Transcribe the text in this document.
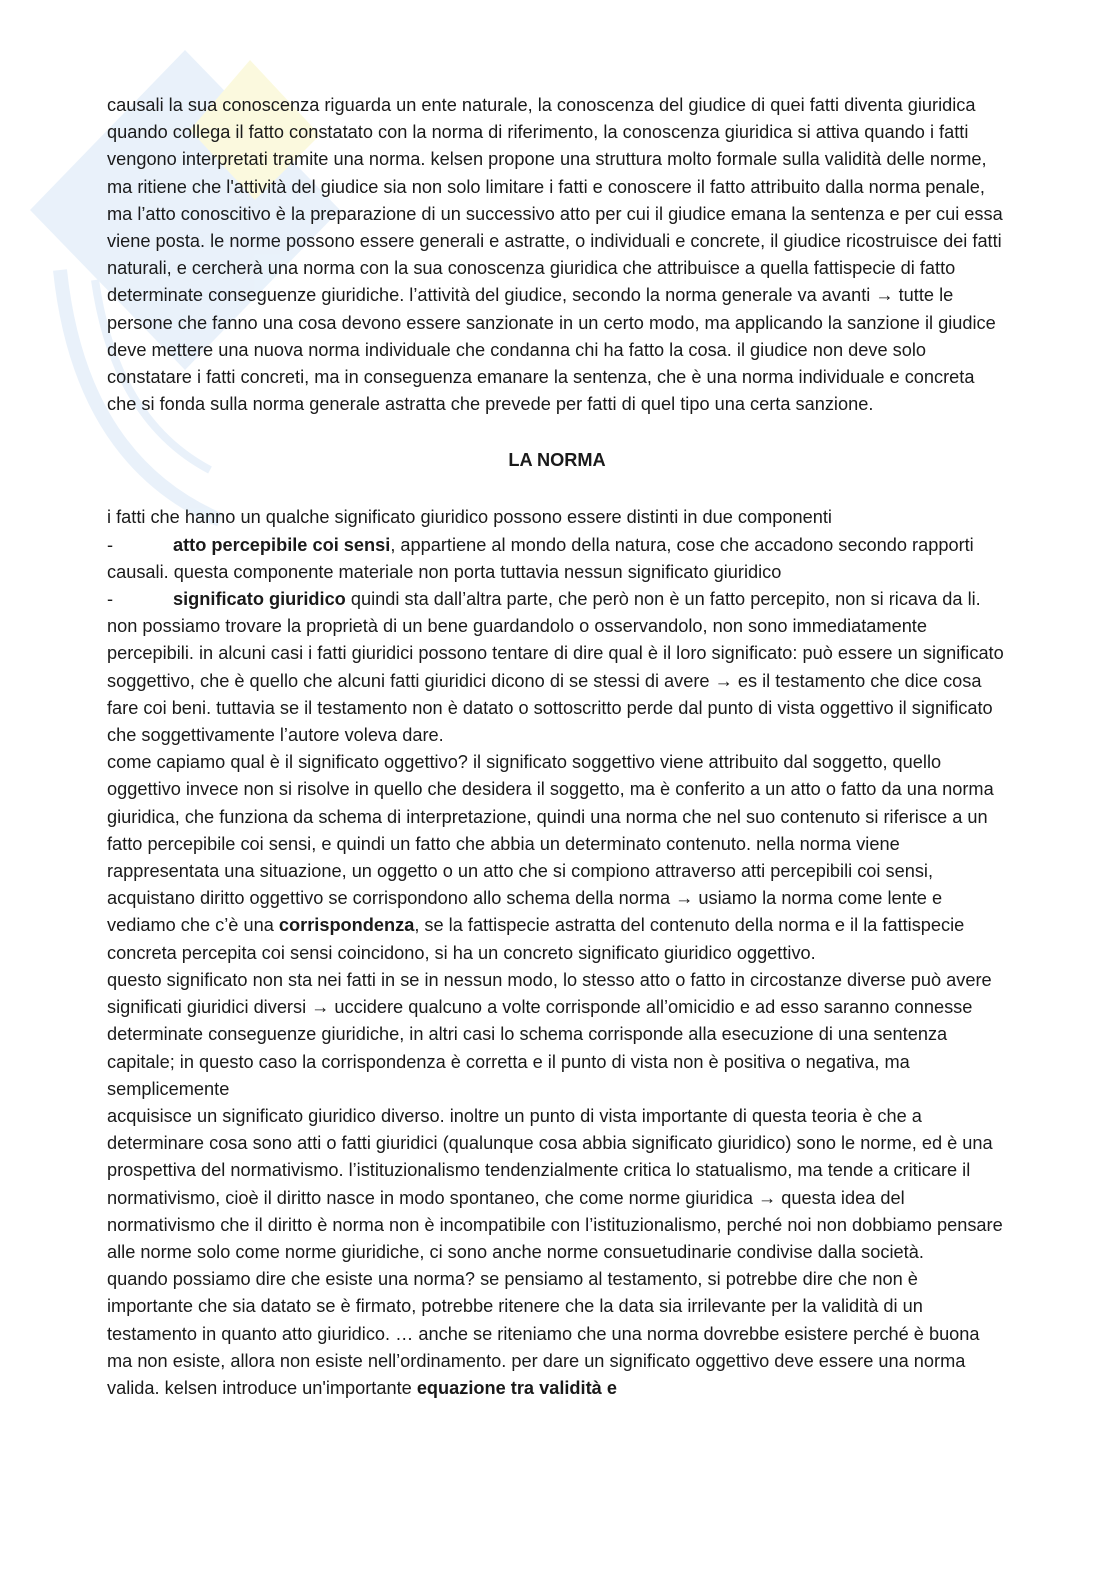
causali la sua conoscenza riguarda un ente naturale, la conoscenza del giudice di quei fatti diventa giuridica quando collega il fatto constatato con la norma di riferimento, la conoscenza giuridica si attiva quando i fatti vengono interpretati tramite una norma. kelsen propone una struttura molto formale sulla validità delle norme, ma ritiene che l'attività del giudice sia non solo limitare i fatti e conoscere il fatto attribuito dalla norma penale, ma l’atto conoscitivo è la preparazione di un successivo atto per cui il giudice emana la sentenza e per cui essa viene posta. le norme possono essere generali e astratte, o individuali e concrete, il giudice ricostruisce dei fatti naturali, e cercherà una norma con la sua conoscenza giuridica che attribuisce a quella fattispecie di fatto determinate conseguenze giuridiche. l’attività del giudice, secondo la norma generale va avanti → tutte le persone che fanno una cosa devono essere sanzionate in un certo modo, ma applicando la sanzione il giudice deve mettere una nuova norma individuale che condanna chi ha fatto la cosa. il giudice non deve solo constatare i fatti concreti, ma in conseguenza emanare la sentenza, che è una norma individuale e concreta che si fonda sulla norma generale astratta che prevede per fatti di quel tipo una certa sanzione.

LA NORMA

i fatti che hanno un qualche significato giuridico possono essere distinti in due componenti

-	atto percepibile coi sensi, appartiene al mondo della natura, cose che accadono secondo rapporti causali. questa componente materiale non porta tuttavia nessun significato giuridico

-	significato giuridico quindi sta dall’altra parte, che però non è un fatto percepito, non si ricava da li. non possiamo trovare la proprietà di un bene guardandolo o osservandolo, non sono immediatamente percepibili. in alcuni casi i fatti giuridici possono tentare di dire qual è il loro significato: può essere un significato soggettivo, che è quello che alcuni fatti giuridici dicono di se stessi di avere → es il testamento che dice cosa fare coi beni. tuttavia se il testamento non è datato o sottoscritto perde dal punto di vista oggettivo il significato che soggettivamente l’autore voleva dare.

come capiamo qual è il significato oggettivo? il significato soggettivo viene attribuito dal soggetto, quello oggettivo invece non si risolve in quello che desidera il soggetto, ma è conferito a un atto o fatto da una norma giuridica, che funziona da schema di interpretazione, quindi una norma che nel suo contenuto si riferisce a un fatto percepibile coi sensi, e quindi un fatto che abbia un determinato contenuto. nella norma viene rappresentata una situazione, un oggetto o un atto che si compiono attraverso atti percepibili coi sensi, acquistano diritto oggettivo se corrispondono allo schema della norma → usiamo la norma come lente e vediamo che c’è una corrispondenza, se la fattispecie astratta del contenuto della norma e il la fattispecie concreta percepita coi sensi coincidono, si ha un concreto significato giuridico oggettivo.

questo significato non sta nei fatti in se in nessun modo, lo stesso atto o fatto in circostanze diverse può avere significati giuridici diversi → uccidere qualcuno a volte corrisponde all’omicidio e ad esso saranno connesse determinate conseguenze giuridiche, in altri casi lo schema corrisponde alla esecuzione di una sentenza capitale; in questo caso la corrispondenza è corretta e il punto di vista non è positiva o negativa, ma semplicemente

acquisisce un significato giuridico diverso. inoltre un punto di vista importante di questa teoria è che a determinare cosa sono atti o fatti giuridici (qualunque cosa abbia significato giuridico) sono le norme, ed è una prospettiva del normativismo. l’istituzionalismo tendenzialmente critica lo statualismo, ma tende a criticare il normativismo, cioè il diritto nasce in modo spontaneo, che come norme giuridica → questa idea del normativismo che il diritto è norma non è incompatibile con l’istituzionalismo, perché noi non dobbiamo pensare alle norme solo come norme giuridiche, ci sono anche norme consuetudinarie condivise dalla società.

quando possiamo dire che esiste una norma? se pensiamo al testamento, si potrebbe dire che non è importante che sia datato se è firmato, potrebbe ritenere che la data sia irrilevante per la validità di un testamento in quanto atto giuridico. … anche se riteniamo che una norma dovrebbe esistere perché è buona ma non esiste, allora non esiste nell’ordinamento. per dare un significato oggettivo deve essere una norma valida. kelsen introduce un'importante equazione tra validità e
